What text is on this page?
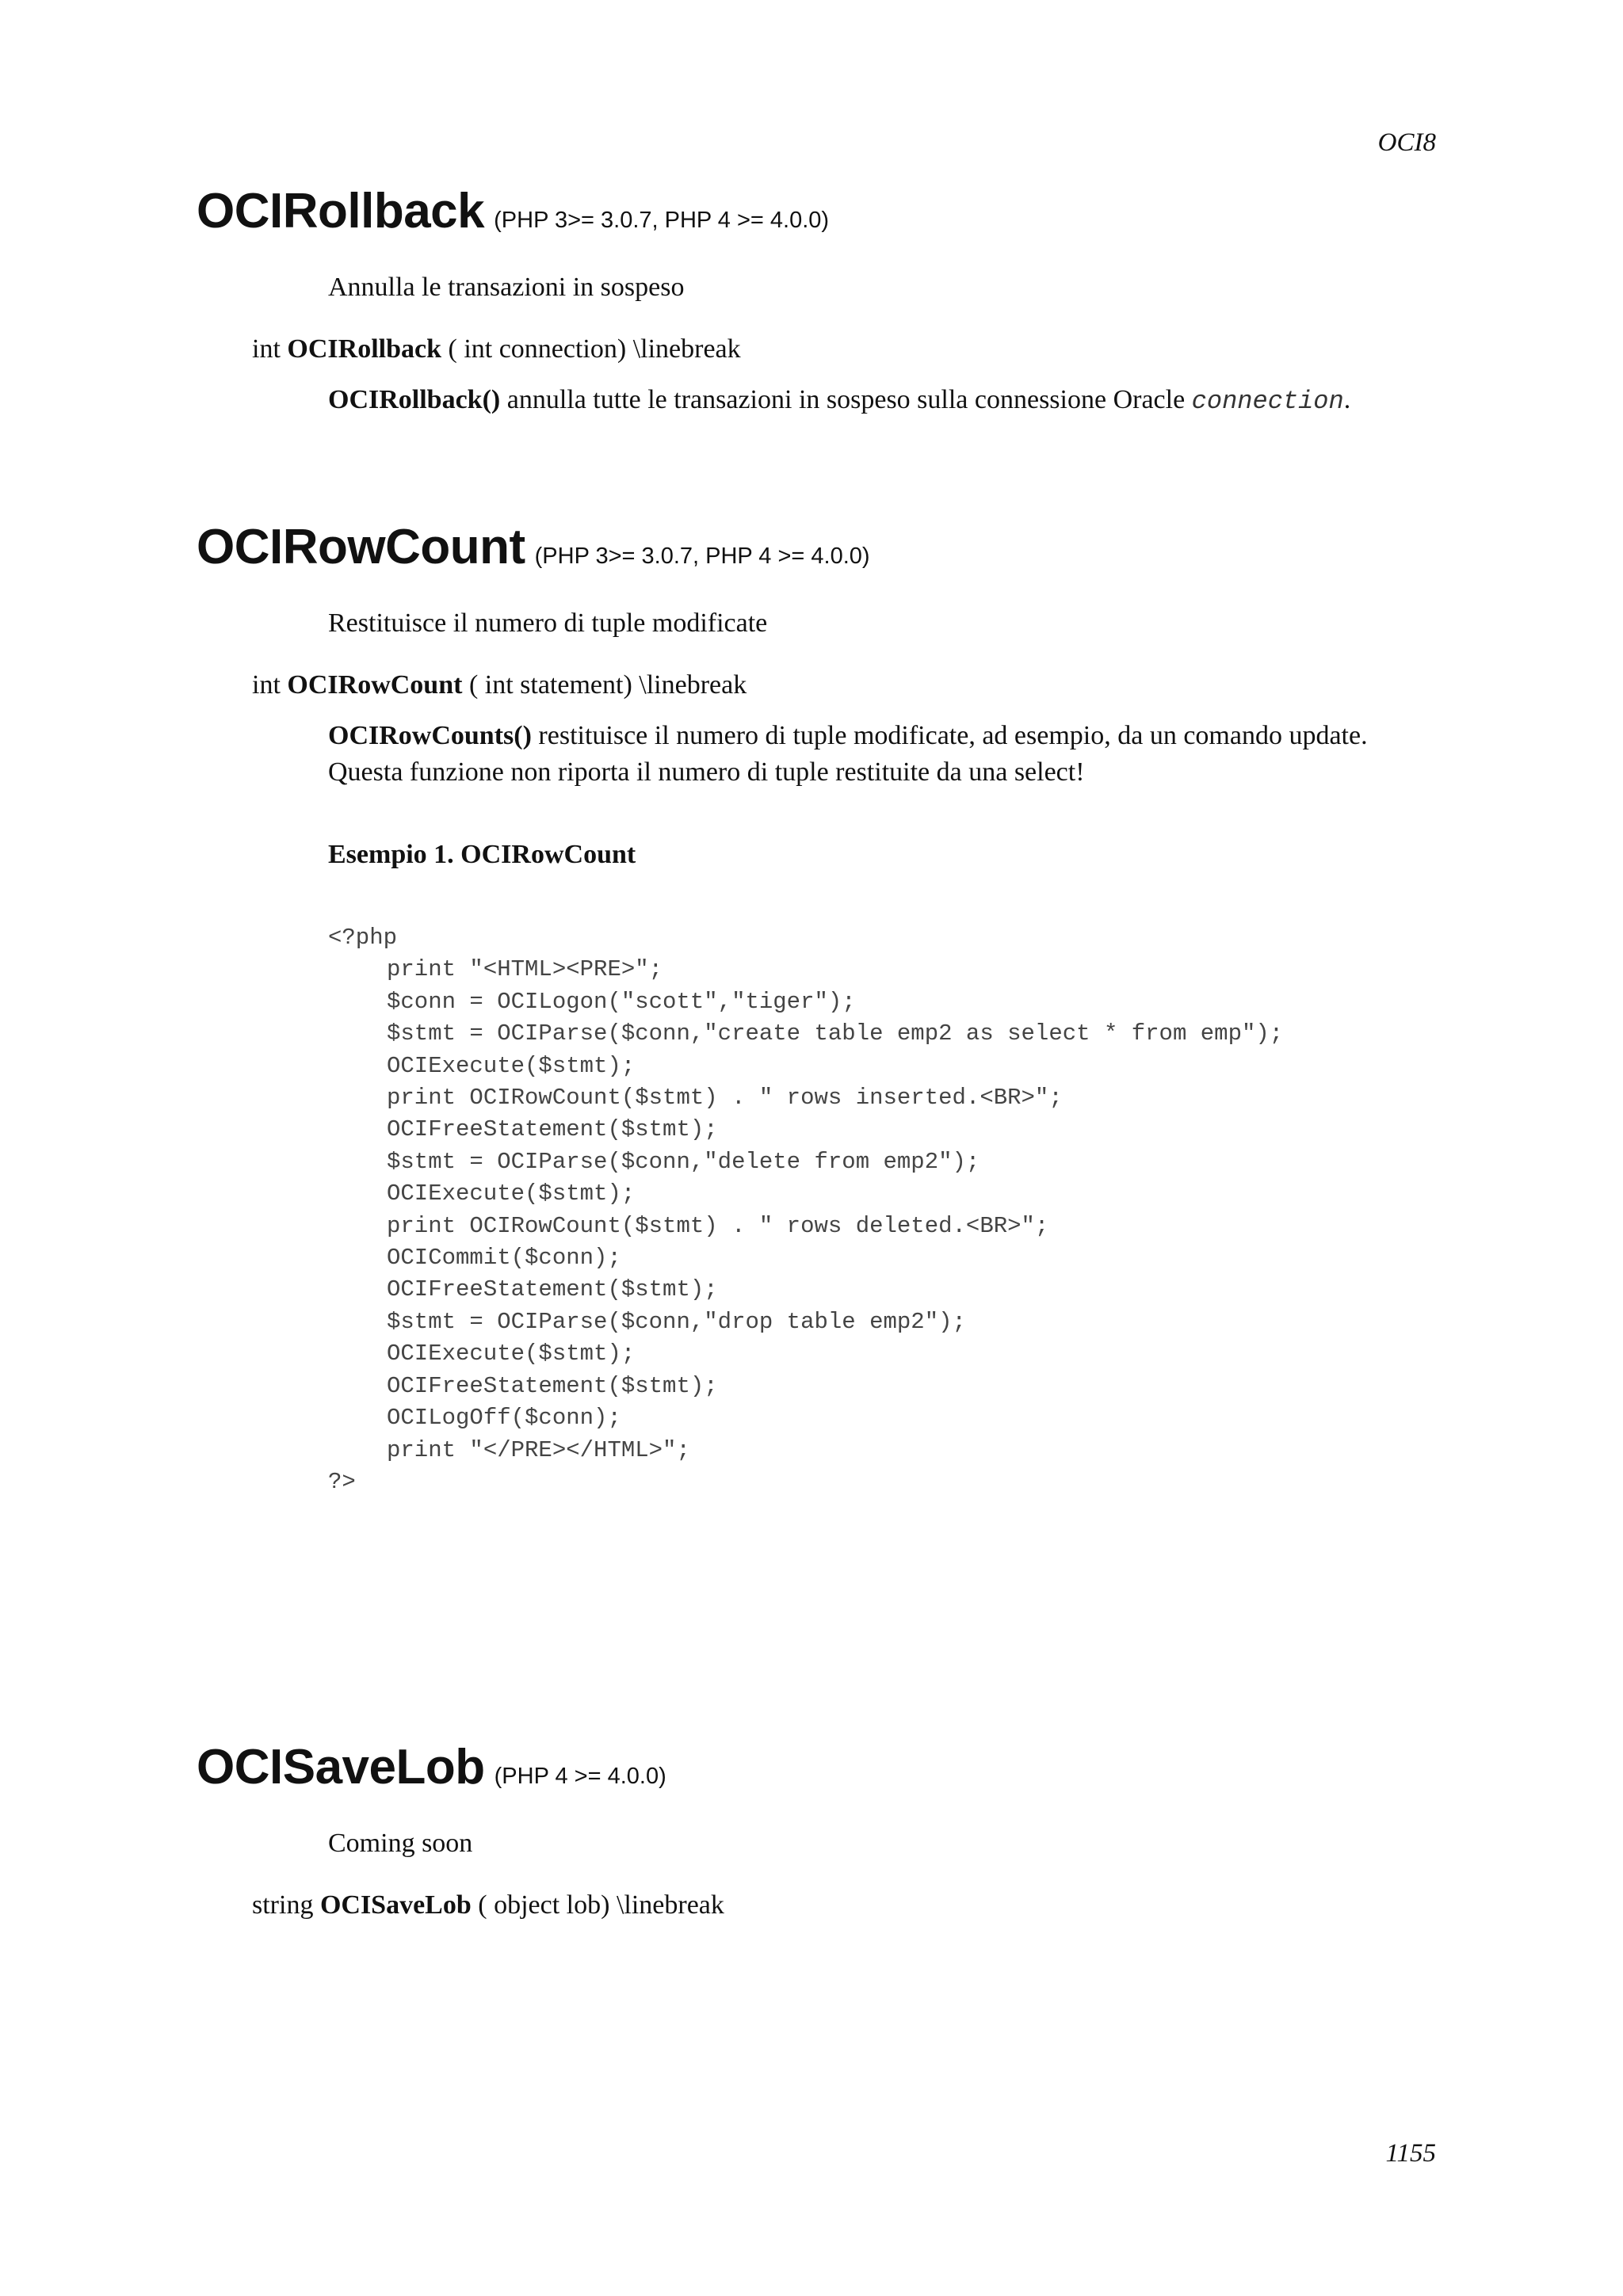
OCI8
OCIRollback (PHP 3>= 3.0.7, PHP 4 >= 4.0.0)
Annulla le transazioni in sospeso
int OCIRollback ( int connection) \linebreak
OCIRollback() annulla tutte le transazioni in sospeso sulla connessione Oracle connection.
OCIRowCount (PHP 3>= 3.0.7, PHP 4 >= 4.0.0)
Restituisce il numero di tuple modificate
int OCIRowCount ( int statement) \linebreak
OCIRowCounts() restituisce il numero di tuple modificate, ad esempio, da un comando update. Questa funzione non riporta il numero di tuple restituite da una select!
Esempio 1. OCIRowCount
<?php
print "<HTML><PRE>";
$conn = OCILogon("scott","tiger");
$stmt = OCIParse($conn,"create table emp2 as select * from emp");
OCIExecute($stmt);
print OCIRowCount($stmt) . " rows inserted.<BR>";
OCIFreeStatement($stmt);
$stmt = OCIParse($conn,"delete from emp2");
OCIExecute($stmt);
print OCIRowCount($stmt) . " rows deleted.<BR>";
OCICommit($conn);
OCIFreeStatement($stmt);
$stmt = OCIParse($conn,"drop table emp2");
OCIExecute($stmt);
OCIFreeStatement($stmt);
OCILogOff($conn);
print "</PRE></HTML>";
?>
OCISaveLob (PHP 4 >= 4.0.0)
Coming soon
string OCISaveLob ( object lob) \linebreak
1155
